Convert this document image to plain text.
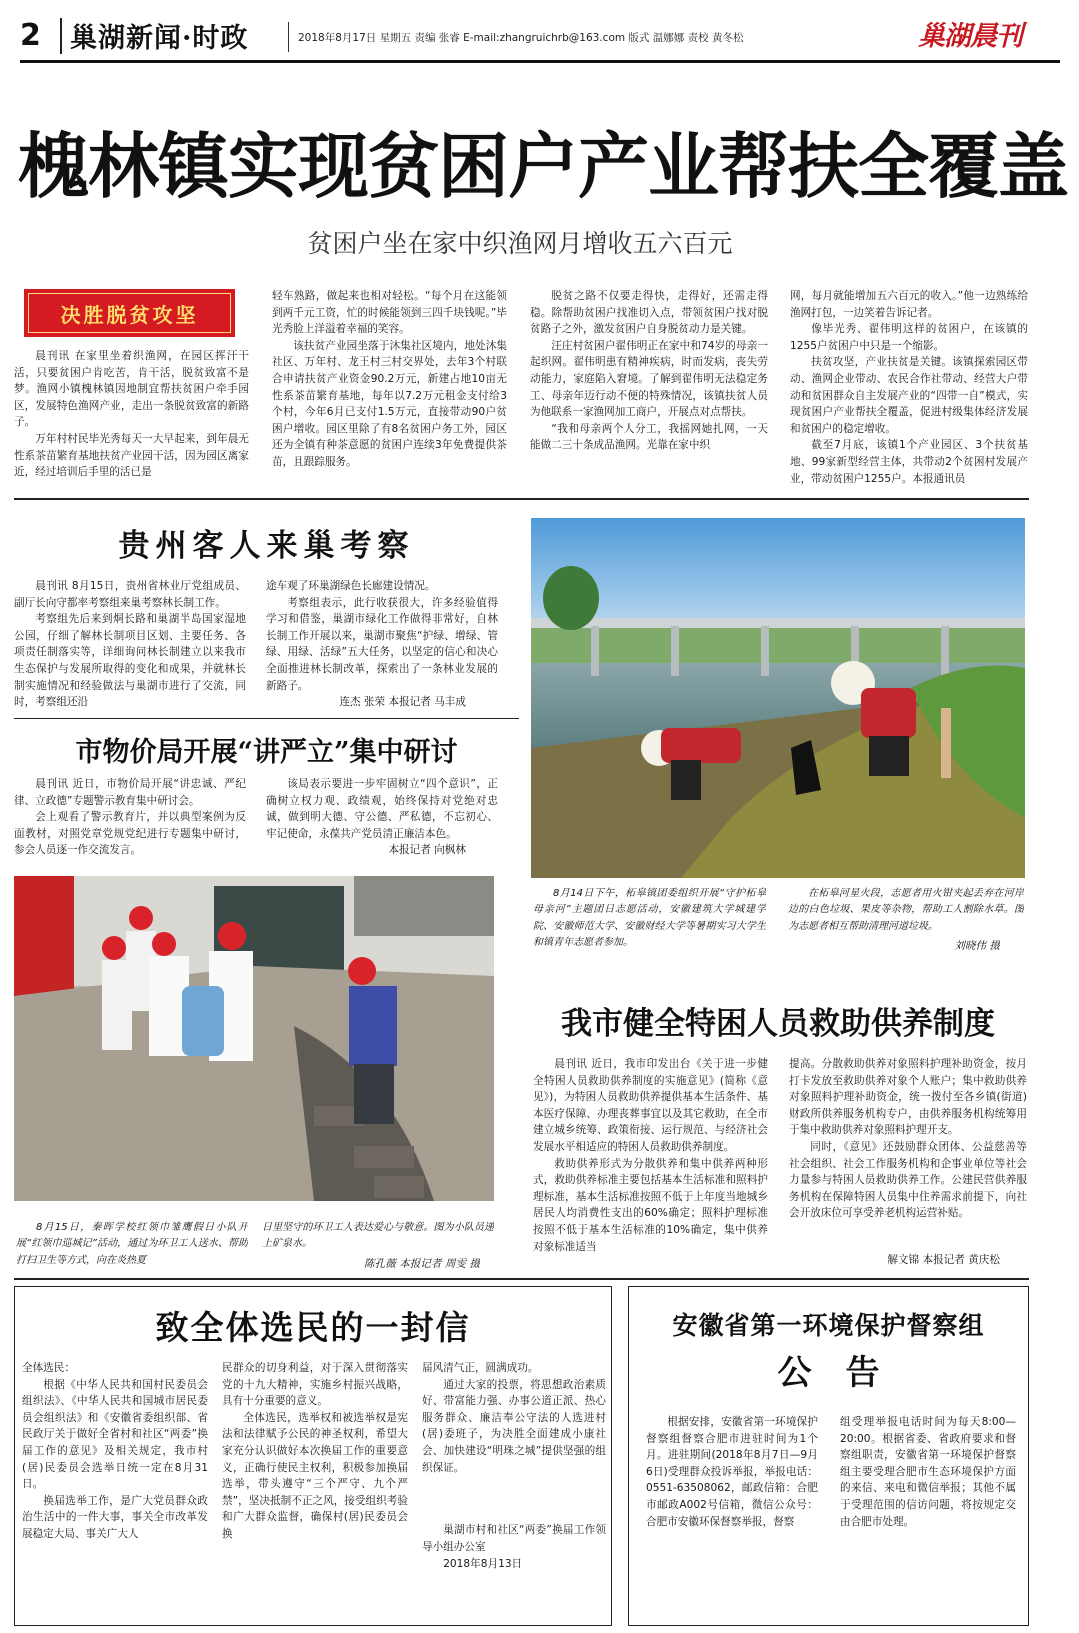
2	巢湖新闻·时政	2018年8月17日 星期五 责编 张睿 E-mail:zhangruichrb@163.com 版式 温娜娜 责校 黄冬松	巢湖晨刊
槐林镇实现贫困户产业帮扶全覆盖
贫困户坐在家中织渔网月增收五六百元
决胜脱贫攻坚

晨刊讯 在家里坐着织渔网，在园区挥汗干活，只要贫困户肯吃苦，肯干活，脱贫致富不是梦。渔网小镇槐林镇因地制宜帮扶贫困户牵手园区，发展特色渔网产业，走出一条脱贫致富的新路子。

万年村村民毕光秀每天一大早起来，到年晨无性系茶苗繁育基地扶贫产业园干活，因为园区离家近，经过培训后手里的活已是

轻车熟路，做起来也相对轻松。“每个月在这能领到两千元工资，忙的时候能领到三四千块钱呢。”毕光秀脸上洋溢着幸福的笑容。

该扶贫产业园坐落于沐集社区境内，地处沐集社区、万年村、龙王村三村交界处，去年3个村联合申请扶贫产业资金90.2万元，新建占地10亩无性系茶苗繁育基地，每年以7.2万元租金支付给3个村，今年6月已支付1.5万元，直接带动90户贫困户增收。园区里除了有8名贫困户务工外，园区还为全镇有种茶意愿的贫困户连续3年免费提供茶苗，且跟踪服务。

脱贫之路不仅要走得快，走得好，还需走得稳。除帮助贫困户找准切入点，带领贫困户找对脱贫路子之外，激发贫困户自身脱贫动力是关键。

汪庄村贫困户翟伟明正在家中和74岁的母亲一起织网。翟伟明患有精神疾病，时而发病，丧失劳动能力，家庭陷入窘境。了解到翟伟明无法稳定务工、母亲年迈行动不便的特殊情况，该镇扶贫人员为他联系一家渔网加工商户，开展点对点帮扶。

“我和母亲两个人分工，我摇网她扎网，一天能做二三十条成品渔网。光靠在家中织

网，每月就能增加五六百元的收入。”他一边熟练给渔网打包，一边笑着告诉记者。

像毕光秀、翟伟明这样的贫困户，在该镇的1255户贫困户中只是一个缩影。

扶贫攻坚，产业扶贫是关键。该镇探索园区带动、渔网企业带动、农民合作社带动、经营大户带动和贫困群众自主发展产业的“四带一自”模式，实现贫困户产业帮扶全覆盖，促进村级集体经济发展和贫困户的稳定增收。

截至7月底，该镇1个产业园区、3个扶贫基地、99家新型经营主体，共带动2个贫困村发展产业，带动贫困户1255户。本报通讯员

贵州客人来巢考察

晨刊讯 8月15日，贵州省林业厅党组成员、副厅长向守都率考察组来巢考察林长制工作。

考察组先后来到烔长路和巢湖半岛国家湿地公园，仔细了解林长制项目区划、主要任务、各项责任制落实等，详细询问林长制建立以来我市生态保护与发展所取得的变化和成果，并就林长制实施情况和经验做法与巢湖市进行了交流，同时，考察组还沿

途车观了环巢湖绿色长廊建设情况。

考察组表示，此行收获很大，许多经验值得学习和借鉴，巢湖市绿化工作做得非常好，自林长制工作开展以来，巢湖市聚焦“护绿、增绿、管绿、用绿、活绿”五大任务，以坚定的信心和决心全面推进林长制改革，探索出了一条林业发展的新路子。

连杰 张荣 本报记者 马丰成
市物价局开展“讲严立”集中研讨

晨刊讯 近日，市物价局开展“讲忠诚、严纪律、立政德”专题警示教育集中研讨会。

会上观看了警示教育片，并以典型案例为反面教材，对照党章党规党纪进行专题集中研讨，参会人员逐一作交流发言。

该局表示要进一步牢固树立“四个意识”，正确树立权力观、政绩观，始终保持对党绝对忠诚，做到明大德、守公德、严私德，不忘初心、牢记使命，永葆共产党员清正廉洁本色。

本报记者 向枫林
8月14日下午，柘皋镇团委组织开展“守护柘皋母亲河”主题团日志愿活动，安徽建筑大学城建学院、安徽师范大学、安徽财经大学等暑期实习大学生和镇青年志愿者参加。
在柘皋河星火段，志愿者用火钳夹起丢弃在河岸边的白色垃圾、果皮等杂物，帮助工人割除水草。图为志愿者相互帮助清理河道垃圾。
刘晓伟 摄
8月15日，秦晖学校红领巾雏鹰假日小队开展“红领巾巡城记”活动，通过为环卫工人送水、帮助打扫卫生等方式，向在炎热夏
日里坚守的环卫工人表达爱心与敬意。图为小队员递上矿泉水。
陈孔薇 本报记者 周雯 摄
我市健全特困人员救助供养制度

晨刊讯 近日，我市印发出台《关于进一步健全特困人员救助供养制度的实施意见》(简称《意见》)，为特困人员救助供养提供基本生活条件、基本医疗保障、办理丧葬事宜以及其它救助，在全市建立城乡统筹、政策衔接、运行规范、与经济社会发展水平相适应的特困人员救助供养制度。

救助供养形式为分散供养和集中供养两种形式，救助供养标准主要包括基本生活标准和照料护理标准，基本生活标准按照不低于上年度当地城乡居民人均消费性支出的60%确定；照料护理标准按照不低于基本生活标准的10%确定，集中供养对象标准适当

提高。分散救助供养对象照料护理补助资金，按月打卡发放至救助供养对象个人账户；集中救助供养对象照料护理补助资金，统一拨付至各乡镇(街道)财政所供养服务机构专户，由供养服务机构统筹用于集中救助供养对象照料护理开支。

同时，《意见》还鼓励群众团体、公益慈善等社会组织、社会工作服务机构和企事业单位等社会力量参与特困人员救助供养工作。公建民营供养服务机构在保障特困人员集中住养需求前提下，向社会开放床位可享受养老机构运营补贴。

解文锦 本报记者 黄庆松
致全体选民的一封信

全体选民：

根据《中华人民共和国村民委员会组织法》、《中华人民共和国城市居民委员会组织法》和《安徽省委组织部、省民政厅关于做好全省村和社区“两委”换届工作的意见》及相关规定，我市村(居)民委员会选举日统一定在8月31日。

换届选举工作，是广大党员群众政治生活中的一件大事，事关全市改革发展稳定大局、事关广大人

民群众的切身利益，对于深入贯彻落实党的十九大精神，实施乡村振兴战略，具有十分重要的意义。

全体选民，选举权和被选举权是宪法和法律赋予公民的神圣权利，希望大家充分认识做好本次换届工作的重要意义，正确行使民主权利，积极参加换届选举，带头遵守“三个严守、九个严禁”，坚决抵制不正之风，接受组织考验和广大群众监督，确保村(居)民委员会换

届风清气正，圆满成功。

通过大家的投票，将思想政治素质好、带富能力强、办事公道正派、热心服务群众、廉洁奉公守法的人选进村(居)委班子，为决胜全面建成小康社会、加快建设“明珠之城”提供坚强的组织保证。

巢湖市村和社区“两委”换届工作领导小组办公室
2018年8月13日
安徽省第一环境保护督察组
公　告

根据安排，安徽省第一环境保护督察组督察合肥市进驻时间为1个月。进驻期间(2018年8月7日—9月6日)受理群众投诉举报，举报电话：0551-63508062，邮政信箱：合肥市邮政A002号信箱，微信公众号：合肥市安徽环保督察举报，督察

组受理举报电话时间为每天8:00—20:00。根据省委、省政府要求和督察组职责，安徽省第一环境保护督察组主要受理合肥市生态环境保护方面的来信、来电和微信举报；其他不属于受理范围的信访问题，将按规定交由合肥市处理。
